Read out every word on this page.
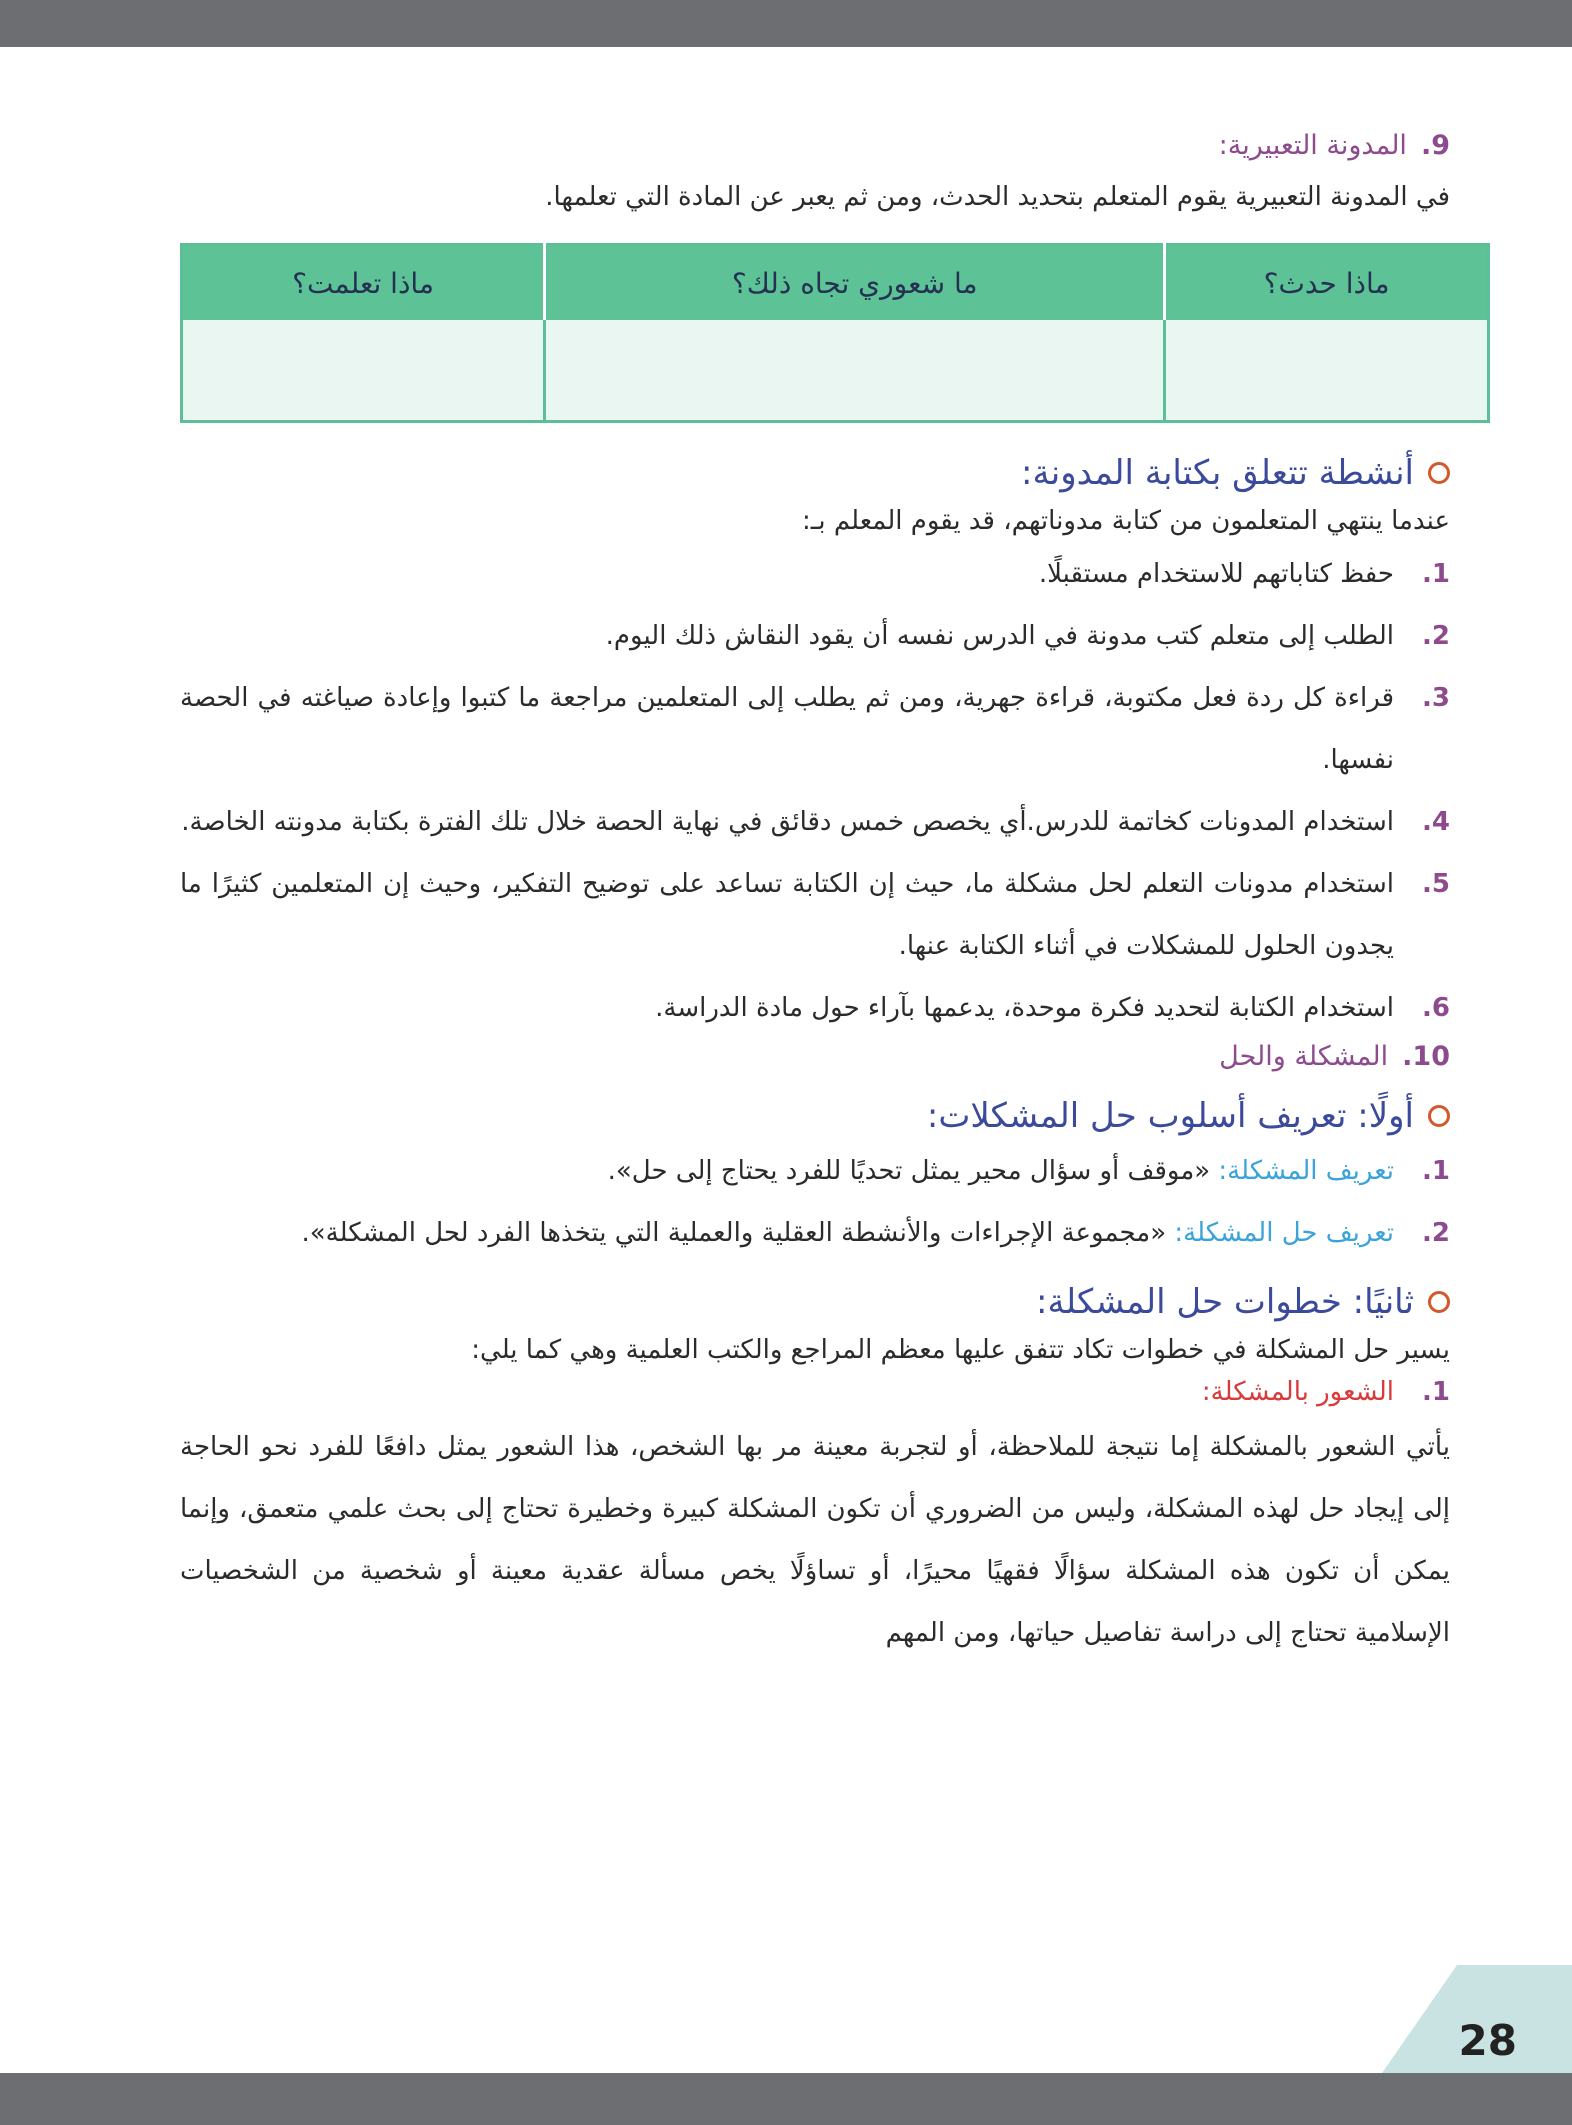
9.
المدونة التعبيرية:

في المدونة التعبيرية يقوم المتعلم بتحديد الحدث، ومن ثم يعبر عن المادة التي تعلمها.

ماذا حدث؟	ما شعوري تجاه ذلك؟	ماذا تعلمت؟

أنشطة تتعلق بكتابة المدونة:

عندما ينتهي المتعلمون من كتابة مدوناتهم، قد يقوم المعلم بـ:

1.
حفظ كتاباتهم للاستخدام مستقبلًا.
2.
الطلب إلى متعلم كتب مدونة في الدرس نفسه أن يقود النقاش ذلك اليوم.
3.
قراءة كل ردة فعل مكتوبة، قراءة جهرية، ومن ثم يطلب إلى المتعلمين مراجعة ما كتبوا وإعادة صياغته في الحصة نفسها.
4.
استخدام المدونات كخاتمة للدرس.أي يخصص خمس دقائق في نهاية الحصة خلال تلك الفترة بكتابة مدونته الخاصة.
5.
استخدام مدونات التعلم لحل مشكلة ما، حيث إن الكتابة تساعد على توضيح التفكير، وحيث إن المتعلمين كثيرًا ما يجدون الحلول للمشكلات في أثناء الكتابة عنها.
6.
استخدام الكتابة لتحديد فكرة موحدة، يدعمها بآراء حول مادة الدراسة.
10.
المشكلة والحل
أولًا: تعريف أسلوب حل المشكلات:
1.
تعريف المشكلة: «موقف أو سؤال محير يمثل تحديًا للفرد يحتاج إلى حل».
2.
تعريف حل المشكلة: «مجموعة الإجراءات والأنشطة العقلية والعملية التي يتخذها الفرد لحل المشكلة».
ثانيًا: خطوات حل المشكلة:

يسير حل المشكلة في خطوات تكاد تتفق عليها معظم المراجع والكتب العلمية وهي كما يلي:

1.
الشعور بالمشكلة:

يأتي الشعور بالمشكلة إما نتيجة للملاحظة، أو لتجربة معينة مر بها الشخص، هذا الشعور يمثل دافعًا للفرد نحو الحاجة إلى إيجاد حل لهذه المشكلة، وليس من الضروري أن تكون المشكلة كبيرة وخطيرة تحتاج إلى بحث علمي متعمق، وإنما يمكن أن تكون هذه المشكلة سؤالًا فقهيًا محيرًا، أو تساؤلًا يخص مسألة عقدية معينة أو شخصية من الشخصيات الإسلامية تحتاج إلى دراسة تفاصيل حياتها، ومن المهم

28
